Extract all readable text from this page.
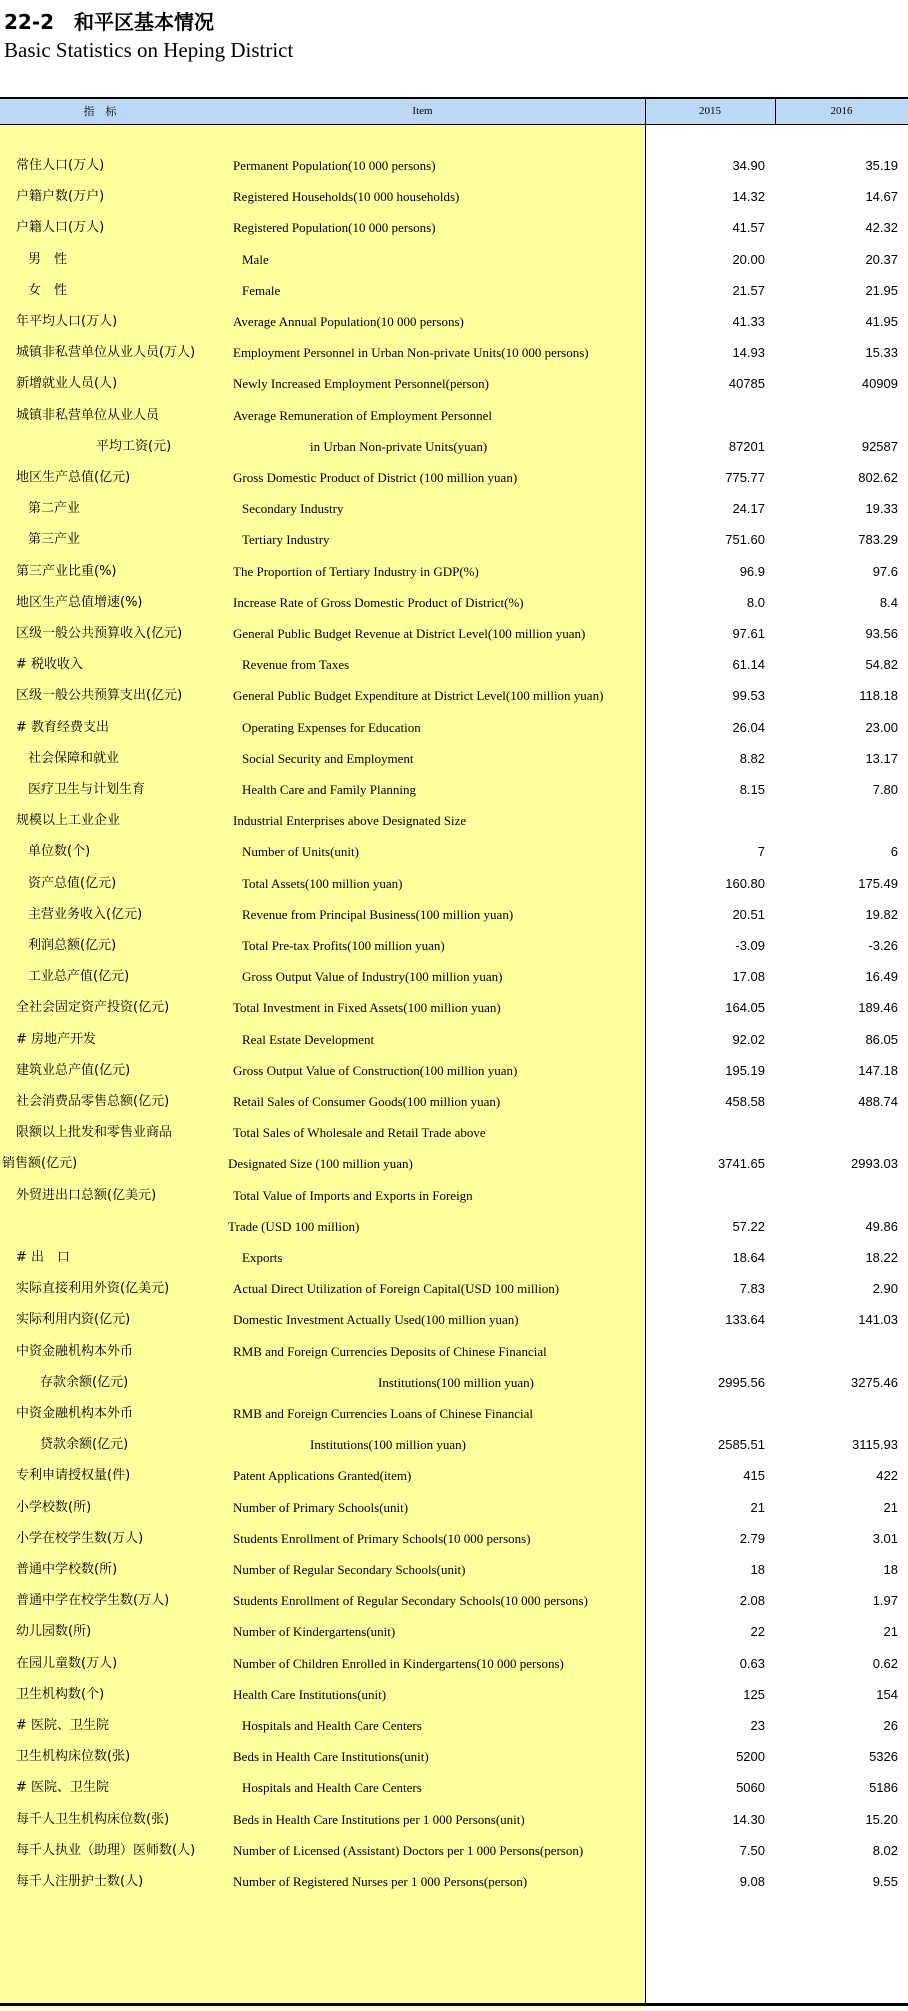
22-2　和平区基本情况
Basic Statistics on Heping District
指　标	Item	2015	2016
常住人口(万人)	Permanent Population(10 000 persons)	34.90	35.19
户籍户数(万户)	Registered Households(10 000 households)	14.32	14.67
户籍人口(万人)	Registered Population(10 000 persons)	41.57	42.32
男　性	Male	20.00	20.37
女　性	Female	21.57	21.95
年平均人口(万人)	Average Annual Population(10 000 persons)	41.33	41.95
城镇非私营单位从业人员(万人)	Employment Personnel in Urban Non-private Units(10 000 persons)	14.93	15.33
新增就业人员(人)	Newly Increased Employment Personnel(person)	40785	40909
城镇非私营单位从业人员	Average Remuneration of Employment Personnel
平均工资(元)	in Urban Non-private Units(yuan)	87201	92587
地区生产总值(亿元)	Gross Domestic Product of District (100 million yuan)	775.77	802.62
第二产业	Secondary Industry	24.17	19.33
第三产业	Tertiary Industry	751.60	783.29
第三产业比重(%)	The Proportion of Tertiary Industry in GDP(%)	96.9	97.6
地区生产总值增速(%)	Increase Rate of Gross Domestic Product of District(%)	8.0	8.4
区级一般公共预算收入(亿元)	General Public Budget Revenue at District Level(100 million yuan)	97.61	93.56
# 税收收入	Revenue from Taxes	61.14	54.82
区级一般公共预算支出(亿元)	General Public Budget Expenditure at District Level(100 million yuan)	99.53	118.18
# 教育经费支出	Operating Expenses for Education	26.04	23.00
社会保障和就业	Social Security and Employment	8.82	13.17
医疗卫生与计划生育	Health Care and Family Planning	8.15	7.80
规模以上工业企业	Industrial Enterprises above Designated Size
单位数(个)	Number of Units(unit)	7	6
资产总值(亿元)	Total Assets(100 million yuan)	160.80	175.49
主营业务收入(亿元)	Revenue from Principal Business(100 million yuan)	20.51	19.82
利润总额(亿元)	Total Pre-tax Profits(100 million yuan)	-3.09	-3.26
工业总产值(亿元)	Gross Output Value of Industry(100 million yuan)	17.08	16.49
全社会固定资产投资(亿元)	Total Investment in Fixed Assets(100 million yuan)	164.05	189.46
# 房地产开发	Real Estate Development	92.02	86.05
建筑业总产值(亿元)	Gross Output Value of Construction(100 million yuan)	195.19	147.18
社会消费品零售总额(亿元)	Retail Sales of Consumer Goods(100 million yuan)	458.58	488.74
限额以上批发和零售业商品	Total Sales of Wholesale and Retail Trade above
销售额(亿元)	Designated Size (100 million yuan)	3741.65	2993.03
外贸进出口总额(亿美元)	Total Value of Imports and Exports in Foreign
Trade (USD 100 million)	57.22	49.86
# 出　口	Exports	18.64	18.22
实际直接利用外资(亿美元)	Actual Direct Utilization of Foreign Capital(USD 100 million)	7.83	2.90
实际利用内资(亿元)	Domestic Investment Actually Used(100 million yuan)	133.64	141.03
中资金融机构本外币	RMB and Foreign Currencies Deposits of Chinese Financial
存款余额(亿元)	Institutions(100 million yuan)	2995.56	3275.46
中资金融机构本外币	RMB and Foreign Currencies Loans of Chinese Financial
贷款余额(亿元)	Institutions(100 million yuan)	2585.51	3115.93
专利申请授权量(件)	Patent Applications Granted(item)	415	422
小学校数(所)	Number of Primary Schools(unit)	21	21
小学在校学生数(万人)	Students Enrollment of Primary Schools(10 000 persons)	2.79	3.01
普通中学校数(所)	Number of Regular Secondary Schools(unit)	18	18
普通中学在校学生数(万人)	Students Enrollment of Regular Secondary Schools(10 000 persons)	2.08	1.97
幼儿园数(所)	Number of Kindergartens(unit)	22	21
在园儿童数(万人)	Number of Children Enrolled in Kindergartens(10 000 persons)	0.63	0.62
卫生机构数(个)	Health Care Institutions(unit)	125	154
# 医院、卫生院	Hospitals and Health Care Centers	23	26
卫生机构床位数(张)	Beds in Health Care Institutions(unit)	5200	5326
# 医院、卫生院	Hospitals and Health Care Centers	5060	5186
每千人卫生机构床位数(张)	Beds in Health Care Institutions per 1 000 Persons(unit)	14.30	15.20
每千人执业（助理）医师数(人)	Number of Licensed (Assistant) Doctors per 1 000 Persons(person)	7.50	8.02
每千人注册护士数(人)	Number of Registered Nurses per 1 000 Persons(person)	9.08	9.55
